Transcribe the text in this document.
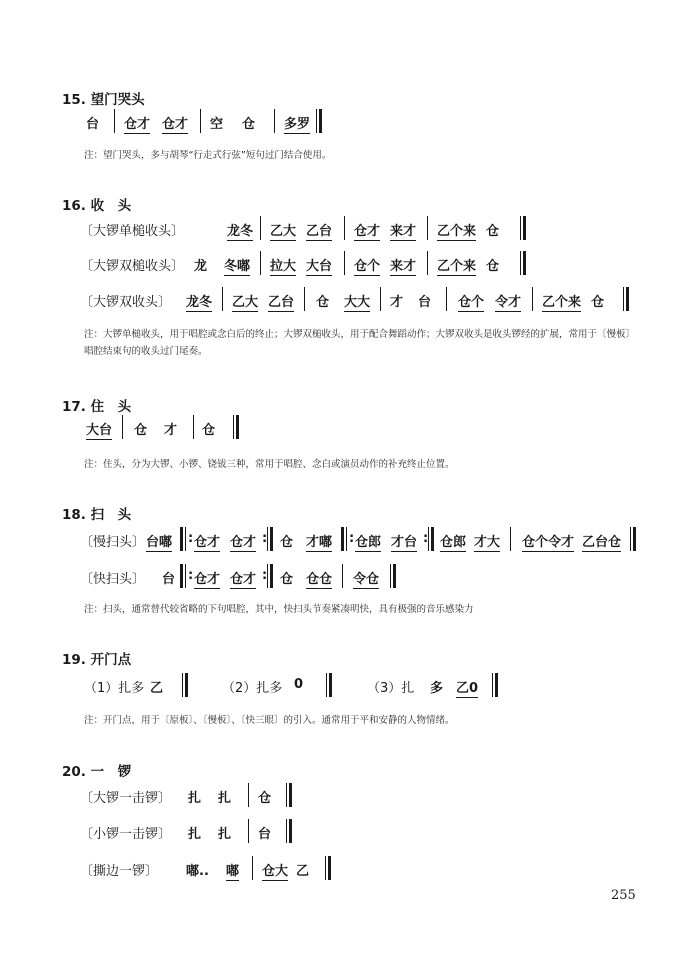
15. 望门哭头
台 仓才 仓才 空 仓 多罗
注：望门哭头，多与胡琴“行走式行弦”短句过门结合使用。
16. 收　头
〔大锣单槌收头〕	龙冬 乙大 乙台 仓才 来才 乙个来 仓
〔大锣双槌收头〕 龙 冬嘟 拉大 大台 仓个 来才 乙个来 仓
〔大锣双收头〕 龙冬 乙大 乙台 仓 大大 才 台 仓个 令才 乙个来 仓
注：大锣单槌收头，用于唱腔或念白后的终止；大锣双槌收头，用于配合舞蹈动作；大锣双收头是收头锣经的扩展，常用于〔慢板〕唱腔结束句的收头过门尾奏。
17. 住　头
大台 仓 才 仓
注：住头，分为大锣、小锣、铙钹三种，常用于唱腔、念白或演员动作的补充终止位置。
18. 扫　头
〔慢扫头〕 台嘟 : 仓才 仓才 : 仓 才嘟 : 仓郎 才台 : 仓郎 才大 仓个令才 乙台仓
〔快扫头〕 台 : 仓才 仓才 : 仓 仓仓 令仓
注：扫头，通常替代较省略的下句唱腔，其中，快扫头节奏紧凑明快，具有极强的音乐感染力
19. 开门点
（1）扎多 乙	（2）扎多 0	（3）扎 多 乙0
注：开门点，用于〔原板〕、〔慢板〕、〔快三眼〕的引入。通常用于平和安静的人物情绪。
20. 一　锣
〔大锣一击锣〕 扎 扎 仓
〔小锣一击锣〕 扎 扎 台
〔撕边一锣〕 嘟.. 嘟 仓大 乙
255
